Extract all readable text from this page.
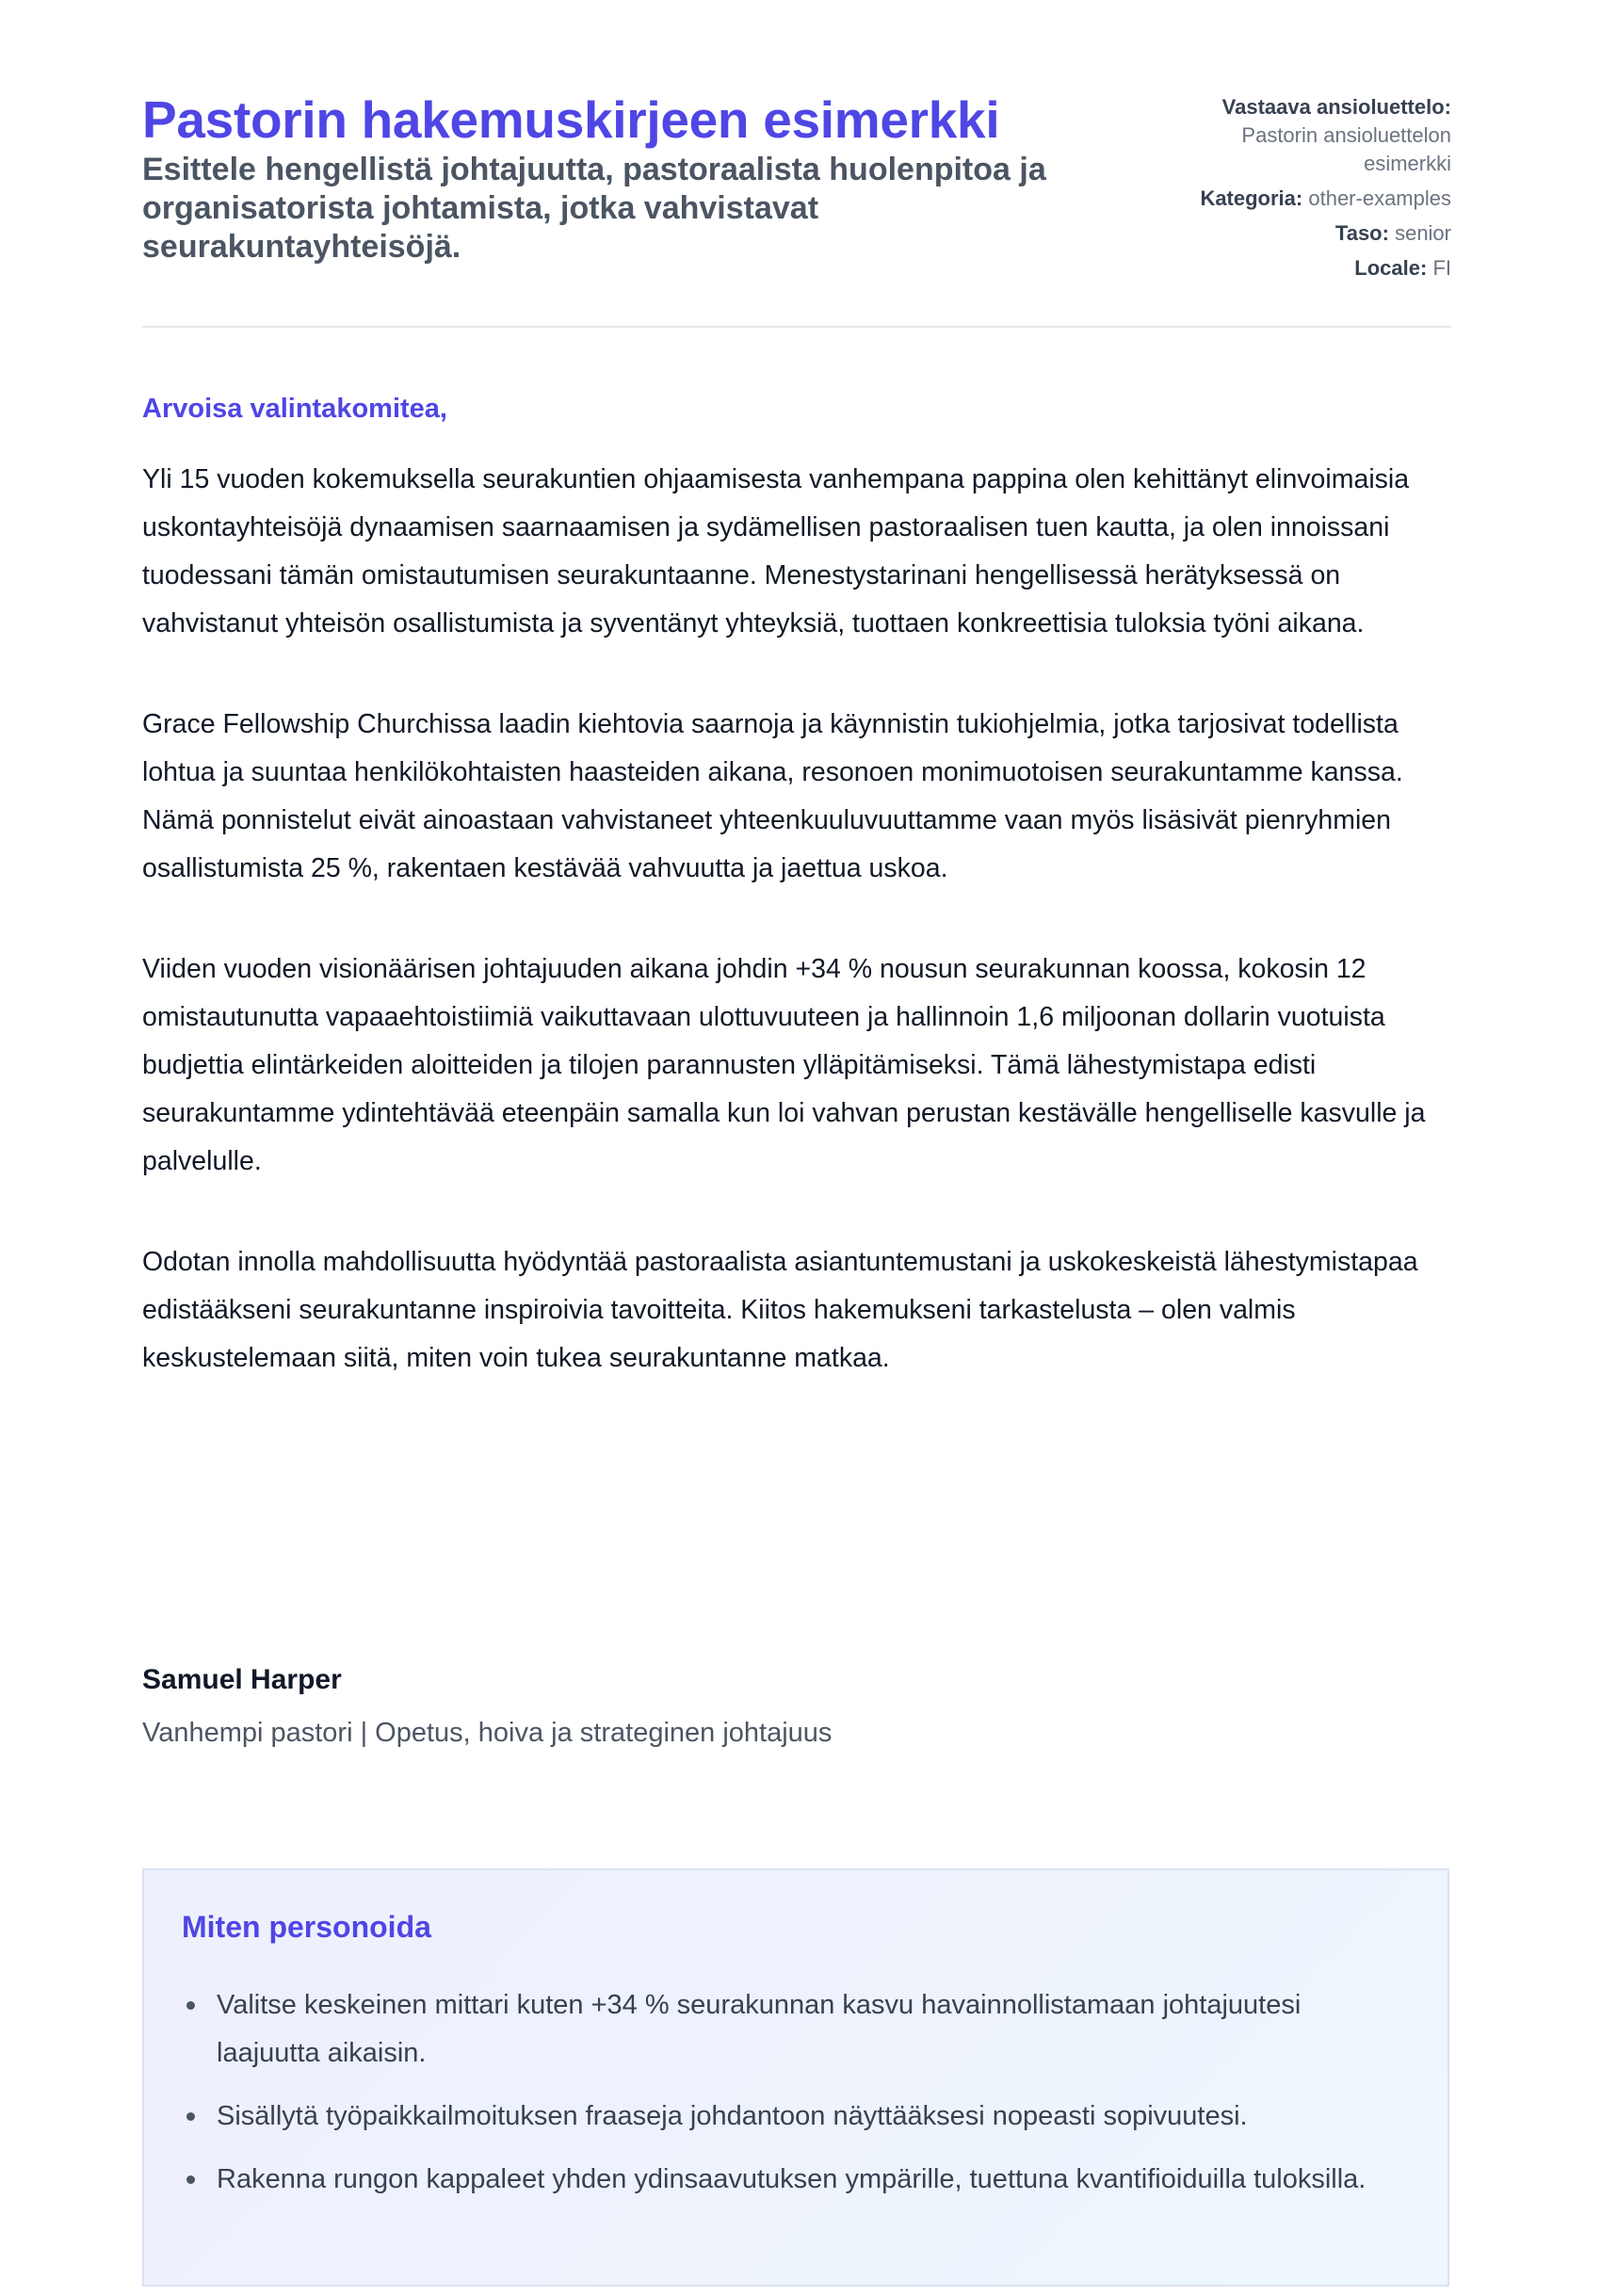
Pastorin hakemuskirjeen esimerkki

Esittele hengellistä johtajuutta, pastoraalista huolenpitoa ja organisatorista johtamista, jotka vahvistavat seurakuntayhteisöjä.

Vastaava ansioluettelo:
Pastorin ansioluettelon
esimerkki
Kategoria: other-examples
Taso: senior
Locale: FI

Arvoisa valintakomitea,

Yli 15 vuoden kokemuksella seurakuntien ohjaamisesta vanhempana pappina olen kehittänyt elinvoimaisia uskontayhteisöjä dynaamisen saarnaamisen ja sydämellisen pastoraalisen tuen kautta, ja olen innoissani tuodessani tämän omistautumisen seurakuntaanne. Menestystarinani hengellisessä herätyksessä on vahvistanut yhteisön osallistumista ja syventänyt yhteyksiä, tuottaen konkreettisia tuloksia työni aikana.

Grace Fellowship Churchissa laadin kiehtovia saarnoja ja käynnistin tukiohjelmia, jotka tarjosivat todellista lohtua ja suuntaa henkilökohtaisten haasteiden aikana, resonoen monimuotoisen seurakuntamme kanssa. Nämä ponnistelut eivät ainoastaan vahvistaneet yhteenkuuluvuuttamme vaan myös lisäsivät pienryhmien osallistumista 25 %, rakentaen kestävää vahvuutta ja jaettua uskoa.

Viiden vuoden visionäärisen johtajuuden aikana johdin +34 % nousun seurakunnan koossa, kokosin 12 omistautunutta vapaaehtoistiimiä vaikuttavaan ulottuvuuteen ja hallinnoin 1,6 miljoonan dollarin vuotuista budjettia elintärkeiden aloitteiden ja tilojen parannusten ylläpitämiseksi. Tämä lähestymistapa edisti seurakuntamme ydintehtävää eteenpäin samalla kun loi vahvan perustan kestävälle hengelliselle kasvulle ja palvelulle.

Odotan innolla mahdollisuutta hyödyntää pastoraalista asiantuntemustani ja uskokeskeistä lähestymistapaa edistääkseni seurakuntanne inspiroivia tavoitteita. Kiitos hakemukseni tarkastelusta – olen valmis keskustelemaan siitä, miten voin tukea seurakuntanne matkaa.

Samuel Harper

Vanhempi pastori | Opetus, hoiva ja strateginen johtajuus

Miten personoida
Valitse keskeinen mittari kuten +34 % seurakunnan kasvu havainnollistamaan johtajuutesi laajuutta aikaisin.
Sisällytä työpaikkailmoituksen fraaseja johdantoon näyttääksesi nopeasti sopivuutesi.
Rakenna rungon kappaleet yhden ydinsaavutuksen ympärille, tuettuna kvantifioiduilla tuloksilla.
